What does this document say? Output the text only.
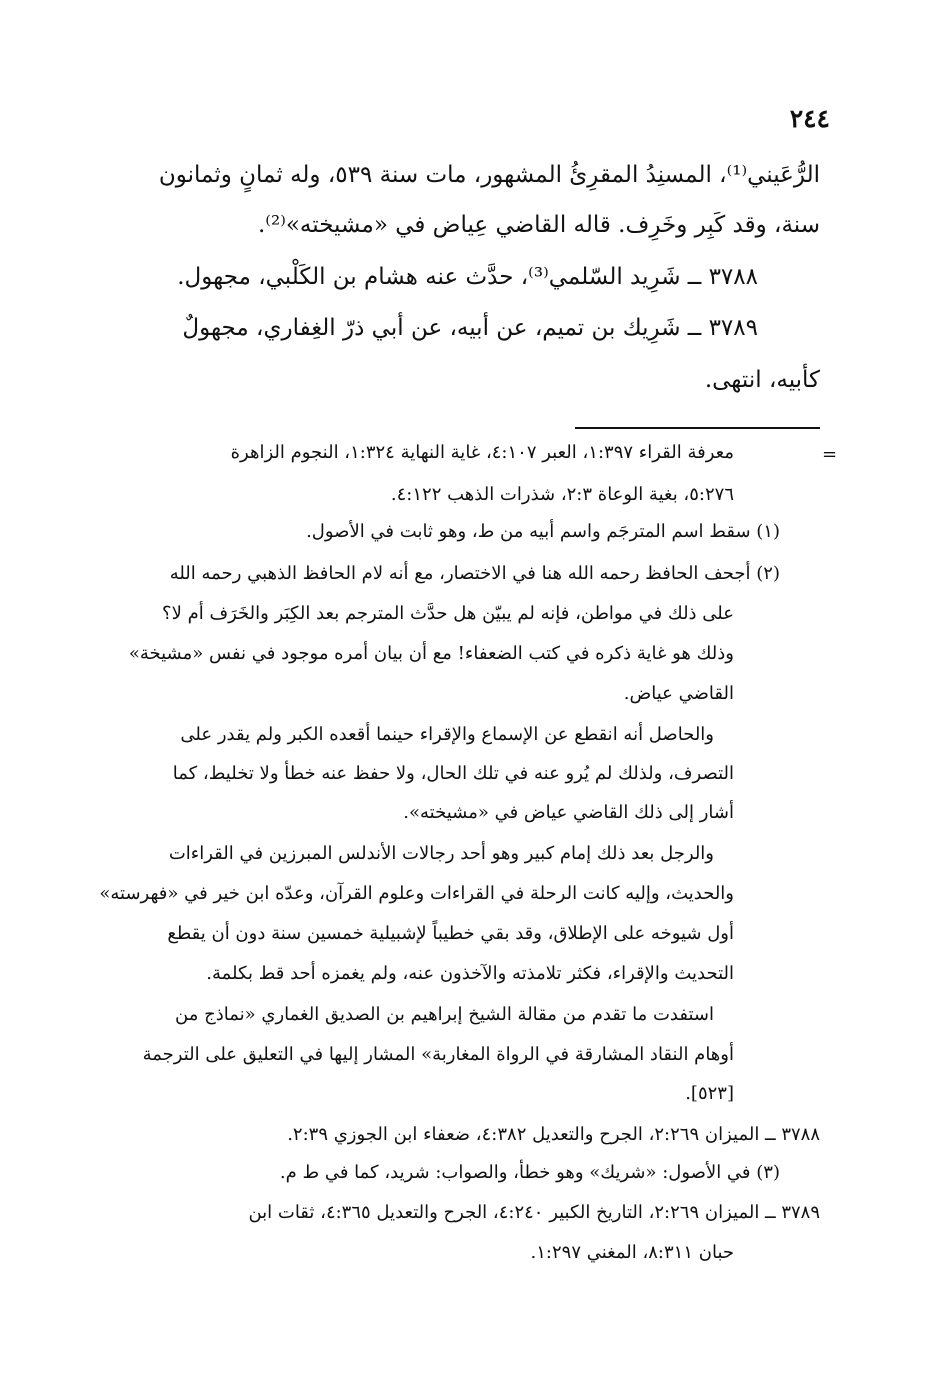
٢٤٤
الرُّعَيني⁽¹⁾، المسنِدُ المقرِئُ المشهور، مات سنة ٥٣٩، وله ثمانٍ وثمانون
سنة، وقد كَبِر وخَرِف. قاله القاضي عِياض في «مشيخته»⁽²⁾.
٣٧٨٨ ــ شَرِيد السّلمي⁽³⁾، حدَّث عنه هشام بن الكَلْبي، مجهول.
٣٧٨٩ ــ شَرِيك بن تميم، عن أبيه، عن أبي ذرّ الغِفاري، مجهولٌ
كأبيه، انتهى.
=
معرفة القراء ١:٣٩٧، العبر ٤:١٠٧، غاية النهاية ١:٣٢٤، النجوم الزاهرة
٥:٢٧٦، بغية الوعاة ٢:٣، شذرات الذهب ٤:١٢٢.
(١) سقط اسم المترجَم واسم أبيه من ط، وهو ثابت في الأصول.
(٢) أجحف الحافظ رحمه الله هنا في الاختصار، مع أنه لام الحافظ الذهبي رحمه الله
على ذلك في مواطن، فإنه لم يبيّن هل حدَّث المترجم بعد الكِبَر والخَرَف أم لا؟
وذلك هو غاية ذكره في كتب الضعفاء! مع أن بيان أمره موجود في نفس «مشيخة»
القاضي عياض.
والحاصل أنه انقطع عن الإسماع والإقراء حينما أقعده الكبر ولم يقدر على
التصرف، ولذلك لم يُرو عنه في تلك الحال، ولا حفظ عنه خطأ ولا تخليط، كما
أشار إلى ذلك القاضي عياض في «مشيخته».
والرجل بعد ذلك إمام كبير وهو أحد رجالات الأندلس المبرزين في القراءات
والحديث، وإليه كانت الرحلة في القراءات وعلوم القرآن، وعدّه ابن خير في «فهرسته»
أول شيوخه على الإطلاق، وقد بقي خطيباً لإشبيلية خمسين سنة دون أن يقطع
التحديث والإقراء، فكثر تلامذته والآخذون عنه، ولم يغمزه أحد قط بكلمة.
استفدت ما تقدم من مقالة الشيخ إبراهيم بن الصديق الغماري «نماذج من
أوهام النقاد المشارقة في الرواة المغاربة» المشار إليها في التعليق على الترجمة
[٥٢٣].
٣٧٨٨ ــ الميزان ٢:٢٦٩، الجرح والتعديل ٤:٣٨٢، ضعفاء ابن الجوزي ٢:٣٩.
(٣) في الأصول: «شريك» وهو خطأ، والصواب: شريد، كما في ط م.
٣٧٨٩ ــ الميزان ٢:٢٦٩، التاريخ الكبير ٤:٢٤٠، الجرح والتعديل ٤:٣٦٥، ثقات ابن
حبان ٨:٣١١، المغني ١:٢٩٧.
